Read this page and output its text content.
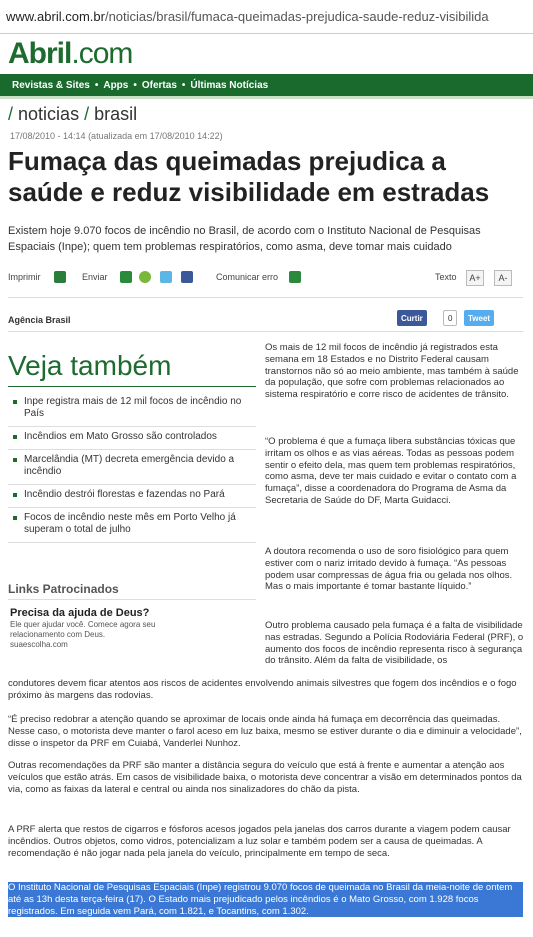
www.abril.com.br /noticias/brasil/fumaca-queimadas-prejudica-saude-reduz-visibilida
Abril.com
Revistas & Sites • Apps • Ofertas • Últimas Notícias
/ noticias / brasil
17/08/2010 - 14:14 (atualizada em 17/08/2010 14:22)
Fumaça das queimadas prejudica a saúde e reduz visibilidade em estradas
Existem hoje 9.070 focos de incêndio no Brasil, de acordo com o Instituto Nacional de Pesquisas Espaciais (Inpe); quem tem problemas respiratórios, como asma, deve tomar mais cuidado
Imprimir	Enviar	Comunicar erro	Texto	A+	A-
Agência Brasil	Curtir	0 Tweet
Veja também
Inpe registra mais de 12 mil focos de incêndio no País
Incêndios em Mato Grosso são controlados
Marcelândia (MT) decreta emergência devido a incêndio
Incêndio destrói florestas e fazendas no Pará
Focos de incêndio neste mês em Porto Velho já superam o total de julho
Links Patrocinados
Precisa da ajuda de Deus?
Ele quer ajudar você. Comece agora seu relacionamento com Deus.
suaescolha.com

Os mais de 12 mil focos de incêndio já registrados esta semana em 18 Estados e no Distrito Federal causam transtornos não só ao meio ambiente, mas também à saúde da população, que sofre com problemas relacionados ao sistema respiratório e corre risco de acidentes de trânsito.

“O problema é que a fumaça libera substâncias tóxicas que irritam os olhos e as vias aéreas. Todas as pessoas podem sentir o efeito dela, mas quem tem problemas respiratórios, como asma, deve ter mais cuidado e evitar o contato com a fumaça”, disse a coordenadora do Programa de Asma da Secretaria de Saúde do DF, Marta Guidacci.

A doutora recomenda o uso de soro fisiológico para quem estiver com o nariz irritado devido à fumaça. “As pessoas podem usar compressas de água fria ou gelada nos olhos. Mas o mais importante é tomar bastante líquido.”

Outro problema causado pela fumaça é a falta de visibilidade nas estradas. Segundo a Polícia Rodoviária Federal (PRF), o aumento dos focos de incêndio representa risco à segurança do trânsito. Além da falta de visibilidade, os

condutores devem ficar atentos aos riscos de acidentes envolvendo animais silvestres que fogem dos incêndios e o fogo próximo às margens das rodovias.

“É preciso redobrar a atenção quando se aproximar de locais onde ainda há fumaça em decorrência das queimadas. Nesse caso, o motorista deve manter o farol aceso em luz baixa, mesmo se estiver durante o dia e diminuir a velocidade”, disse o inspetor da PRF em Cuiabá, Vanderlei Nunhoz.

Outras recomendações da PRF são manter a distância segura do veículo que está à frente e aumentar a atenção aos veículos que estão atrás. Em casos de visibilidade baixa, o motorista deve concentrar a visão em determinados pontos da via, como as faixas da lateral e central ou ainda nos sinalizadores do chão da pista.

A PRF alerta que restos de cigarros e fósforos acesos jogados pela janelas dos carros durante a viagem podem causar incêndios. Outros objetos, como vidros, potencializam a luz solar e também podem ser a causa de queimadas. A recomendação é não jogar nada pela janela do veículo, principalmente em tempo de seca.

O Instituto Nacional de Pesquisas Espaciais (Inpe) registrou 9.070 focos de queimada no Brasil da meia-noite de ontem até as 13h desta terça-feira (17). O Estado mais prejudicado pelos incêndios é o Mato Grosso, com 1.928 focos registrados. Em seguida vem Pará, com 1.821, e Tocantins, com 1.302.
